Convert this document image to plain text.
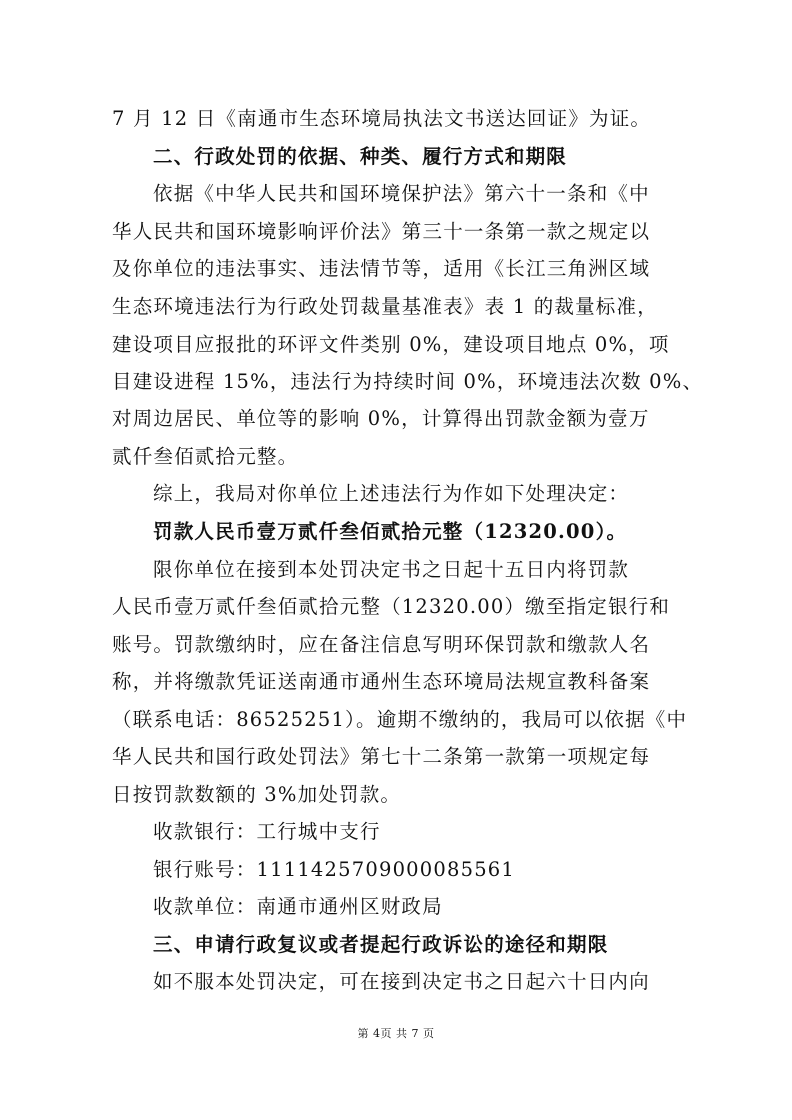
7 月 12 日《南通市生态环境局执法文书送达回证》为证。
二、行政处罚的依据、种类、履行方式和期限
依据《中华人民共和国环境保护法》第六十一条和《中
华人民共和国环境影响评价法》第三十一条第一款之规定以
及你单位的违法事实、违法情节等，适用《长江三角洲区域
生态环境违法行为行政处罚裁量基准表》表 1 的裁量标准，
建设项目应报批的环评文件类别 0%，建设项目地点 0%，项
目建设进程 15%，违法行为持续时间 0%，环境违法次数 0%、
对周边居民、单位等的影响 0%，计算得出罚款金额为壹万
贰仟叁佰贰拾元整。
综上，我局对你单位上述违法行为作如下处理决定：
罚款人民币壹万贰仟叁佰贰拾元整（12320.00）。
限你单位在接到本处罚决定书之日起十五日内将罚款
人民币壹万贰仟叁佰贰拾元整（12320.00）缴至指定银行和
账号。罚款缴纳时，应在备注信息写明环保罚款和缴款人名
称，并将缴款凭证送南通市通州生态环境局法规宣教科备案
（联系电话：86525251）。逾期不缴纳的，我局可以依据《中
华人民共和国行政处罚法》第七十二条第一款第一项规定每
日按罚款数额的 3%加处罚款。
收款银行：工行城中支行
银行账号：1111425709000085561
收款单位：南通市通州区财政局
三、申请行政复议或者提起行政诉讼的途径和期限
如不服本处罚决定，可在接到决定书之日起六十日内向
第 4页 共 7 页
